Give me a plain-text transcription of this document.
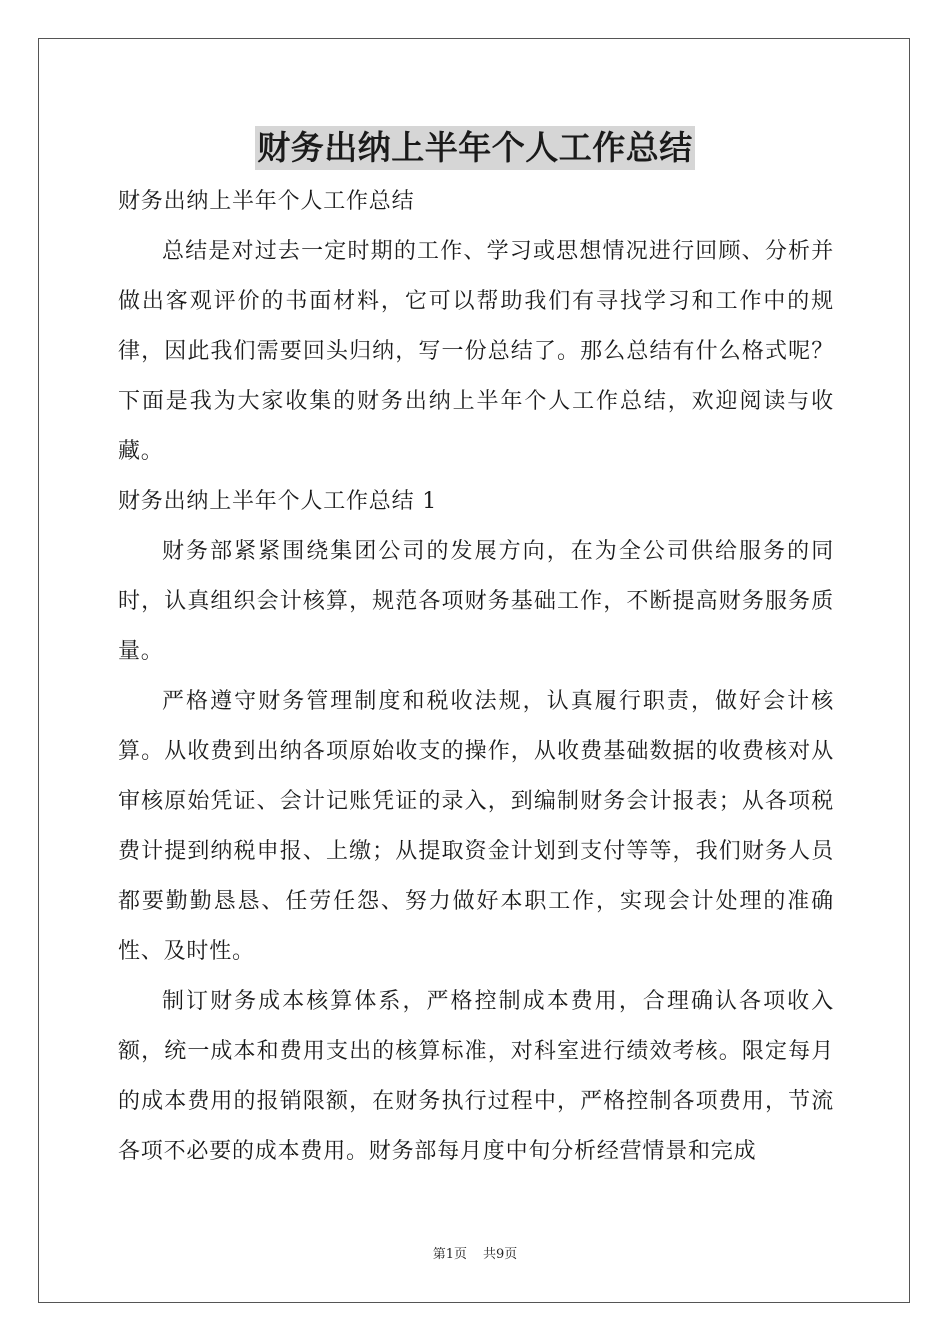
财务出纳上半年个人工作总结

财务出纳上半年个人工作总结

总结是对过去一定时期的工作、学习或思想情况进行回顾、分析并做出客观评价的书面材料，它可以帮助我们有寻找学习和工作中的规律，因此我们需要回头归纳，写一份总结了。那么总结有什么格式呢？下面是我为大家收集的财务出纳上半年个人工作总结，欢迎阅读与收藏。

财务出纳上半年个人工作总结 1

财务部紧紧围绕集团公司的发展方向，在为全公司供给服务的同时，认真组织会计核算，规范各项财务基础工作，不断提高财务服务质量。

严格遵守财务管理制度和税收法规，认真履行职责，做好会计核算。从收费到出纳各项原始收支的操作，从收费基础数据的收费核对从审核原始凭证、会计记账凭证的录入，到编制财务会计报表；从各项税费计提到纳税申报、上缴；从提取资金计划到支付等等，我们财务人员都要勤勤恳恳、任劳任怨、努力做好本职工作，实现会计处理的准确性、及时性。

制订财务成本核算体系，严格控制成本费用，合理确认各项收入额，统一成本和费用支出的核算标准，对科室进行绩效考核。限定每月的成本费用的报销限额，在财务执行过程中，严格控制各项费用，节流各项不必要的成本费用。财务部每月度中旬分析经营情景和完成

第1页 共9页
